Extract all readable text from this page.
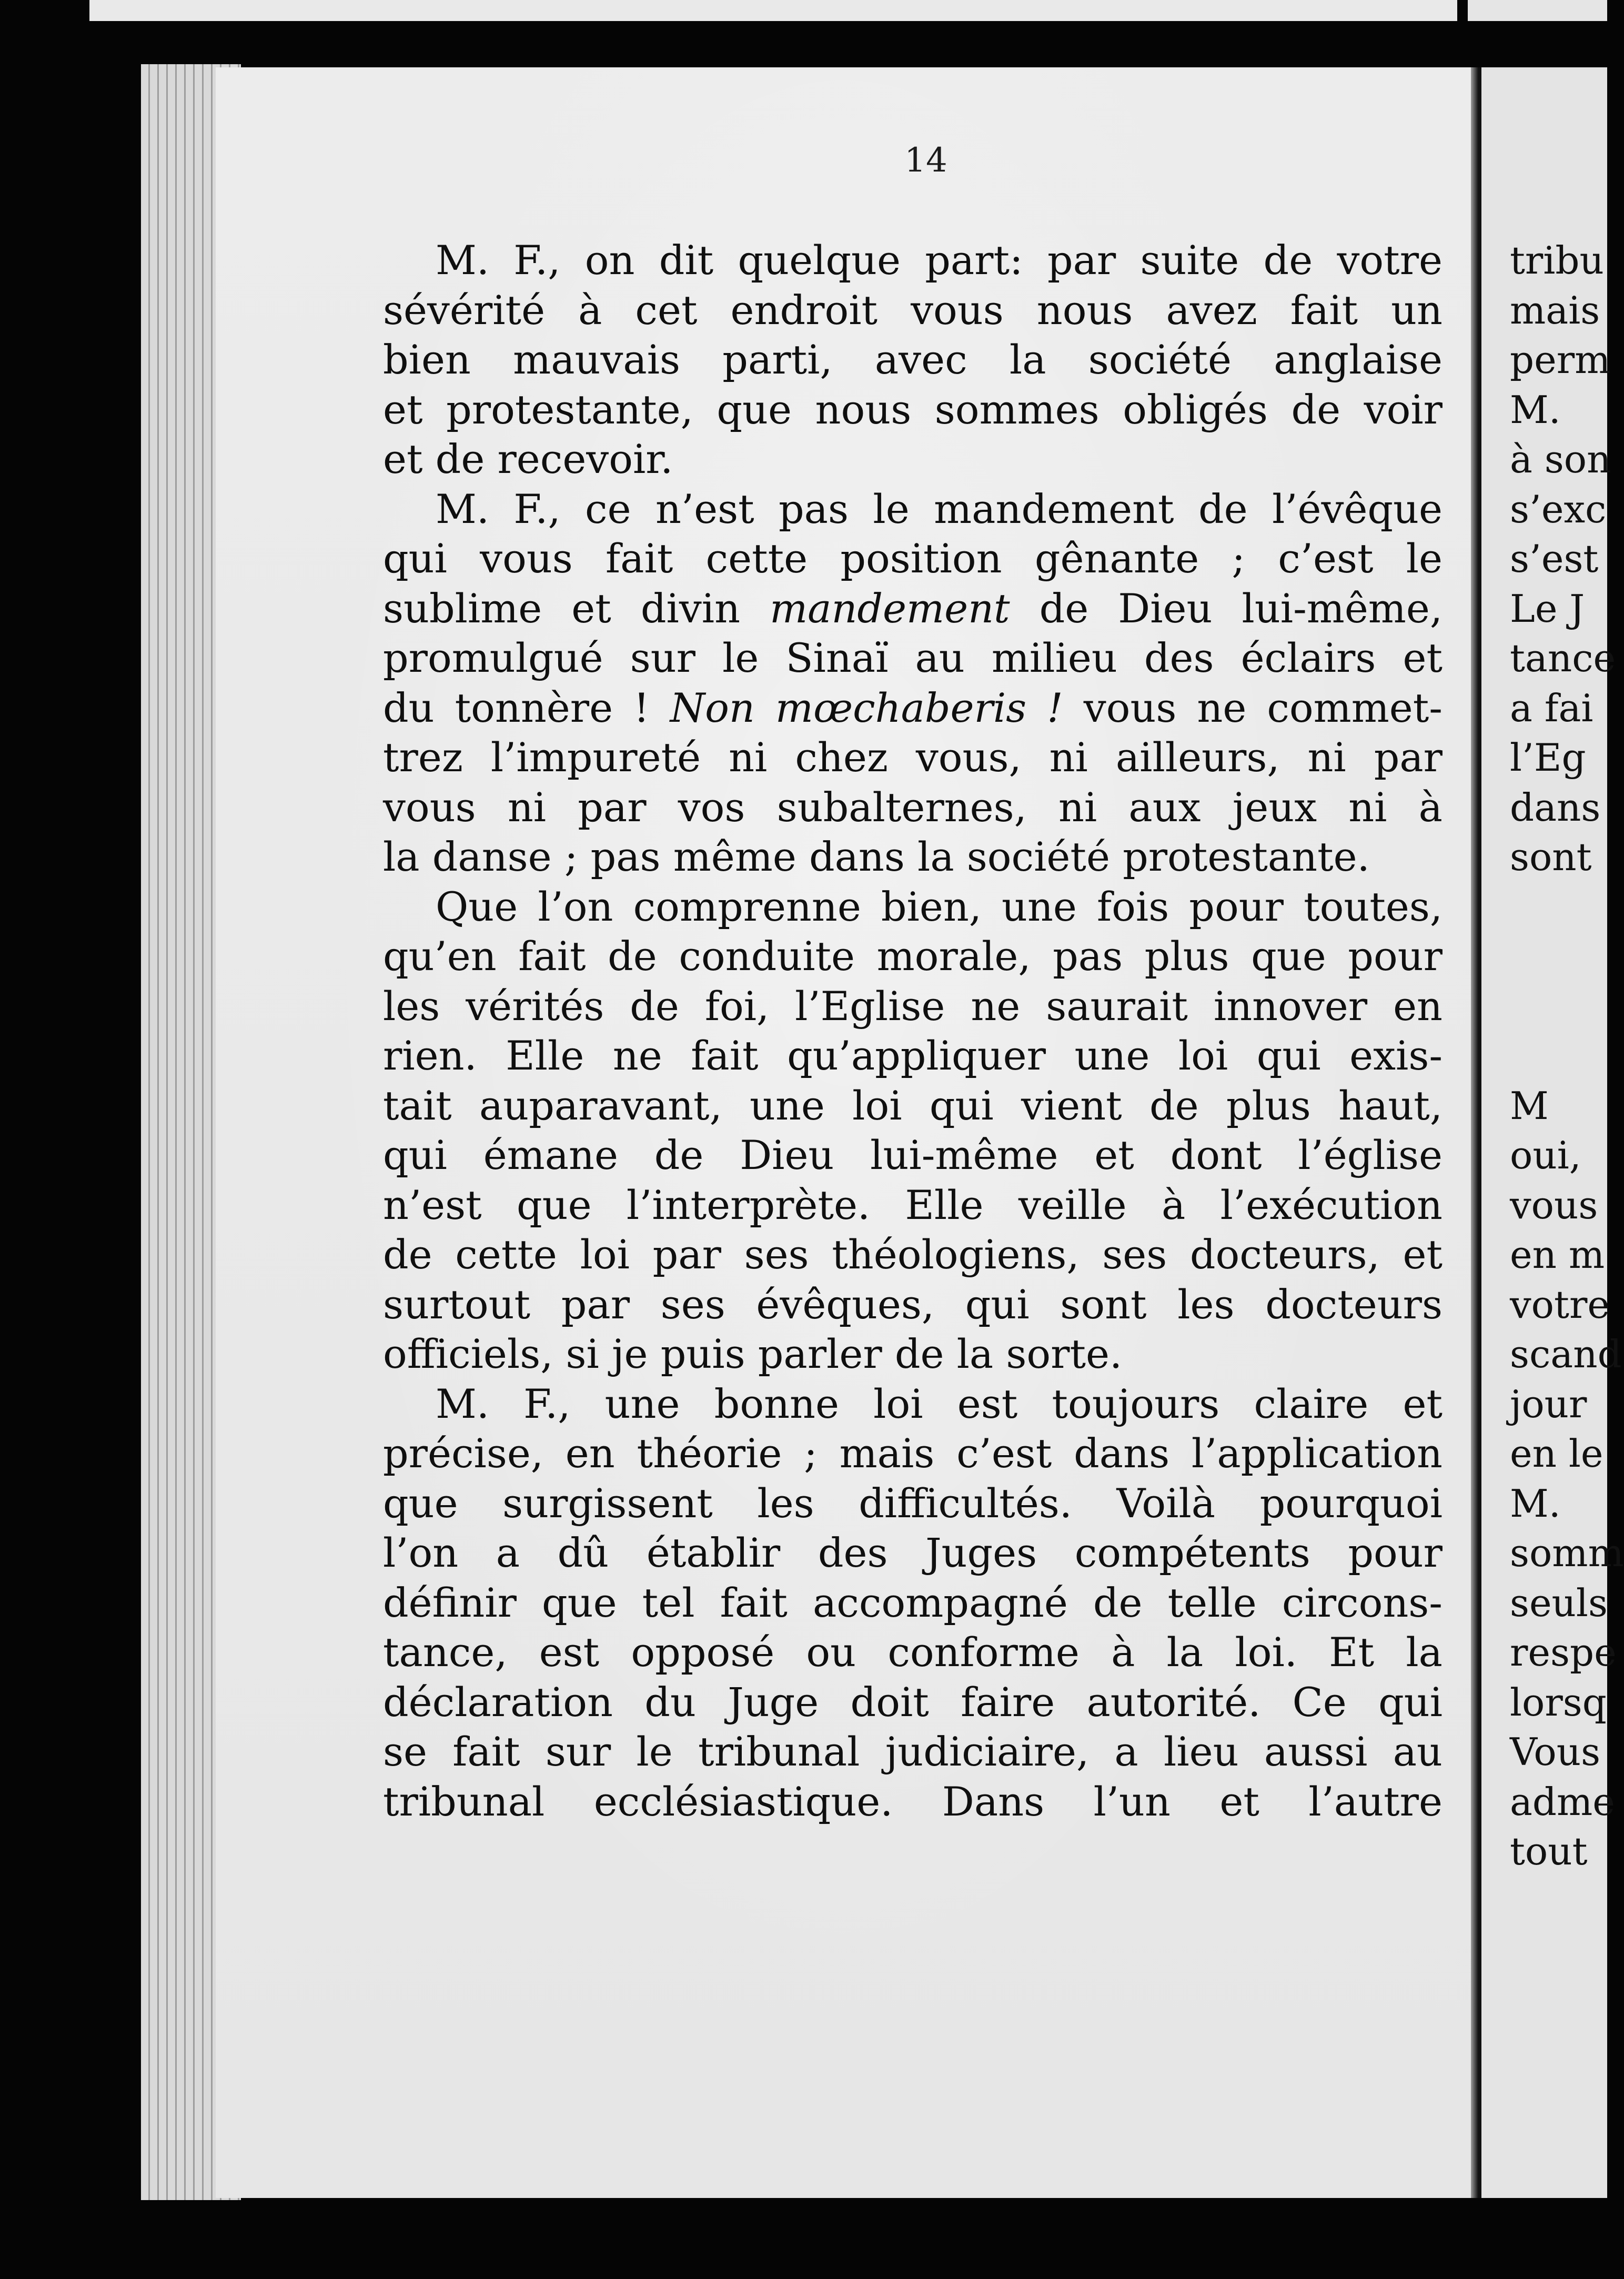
14
M. F., on dit quelque part: par suite de votre
sévérité à cet endroit vous nous avez fait un
bien mauvais parti, avec la société anglaise
et protestante, que nous sommes obligés de voir
et de recevoir.
M. F., ce n’est pas le mandement de l’évêque
qui vous fait cette position gênante ; c’est le
sublime et divin mandement de Dieu lui-même,
promulgué sur le Sinaï au milieu des éclairs et
du tonnère ! Non mœchaberis ! vous ne commet-
trez l’impureté ni chez vous, ni ailleurs, ni par
vous ni par vos subalternes, ni aux jeux ni à
la danse ; pas même dans la société protestante.
Que l’on comprenne bien, une fois pour toutes,
qu’en fait de conduite morale, pas plus que pour
les vérités de foi, l’Eglise ne saurait innover en
rien. Elle ne fait qu’appliquer une loi qui exis-
tait auparavant, une loi qui vient de plus haut,
qui émane de Dieu lui-même et dont l’église
n’est que l’interprète. Elle veille à l’exécution
de cette loi par ses théologiens, ses docteurs, et
surtout par ses évêques, qui sont les docteurs
officiels, si je puis parler de la sorte.
M. F., une bonne loi est toujours claire et
précise, en théorie ; mais c’est dans l’application
que surgissent les difficultés. Voilà pourquoi
l’on a dû établir des Juges compétents pour
définir que tel fait accompagné de telle circons-
tance, est opposé ou conforme à la loi. Et la
déclaration du Juge doit faire autorité. Ce qui
se fait sur le tribunal judiciaire, a lieu aussi au
tribunal ecclésiastique. Dans l’un et l’autre
tribu
mais
perm
M.
à son
s’exc
s’est
Le J
tance
a fai
l’Eg
dans
sont
M
oui,
vous
en m
votre
scand
jour
en le
M.
somm
seuls
respe
lorsq
Vous
adme
tout
